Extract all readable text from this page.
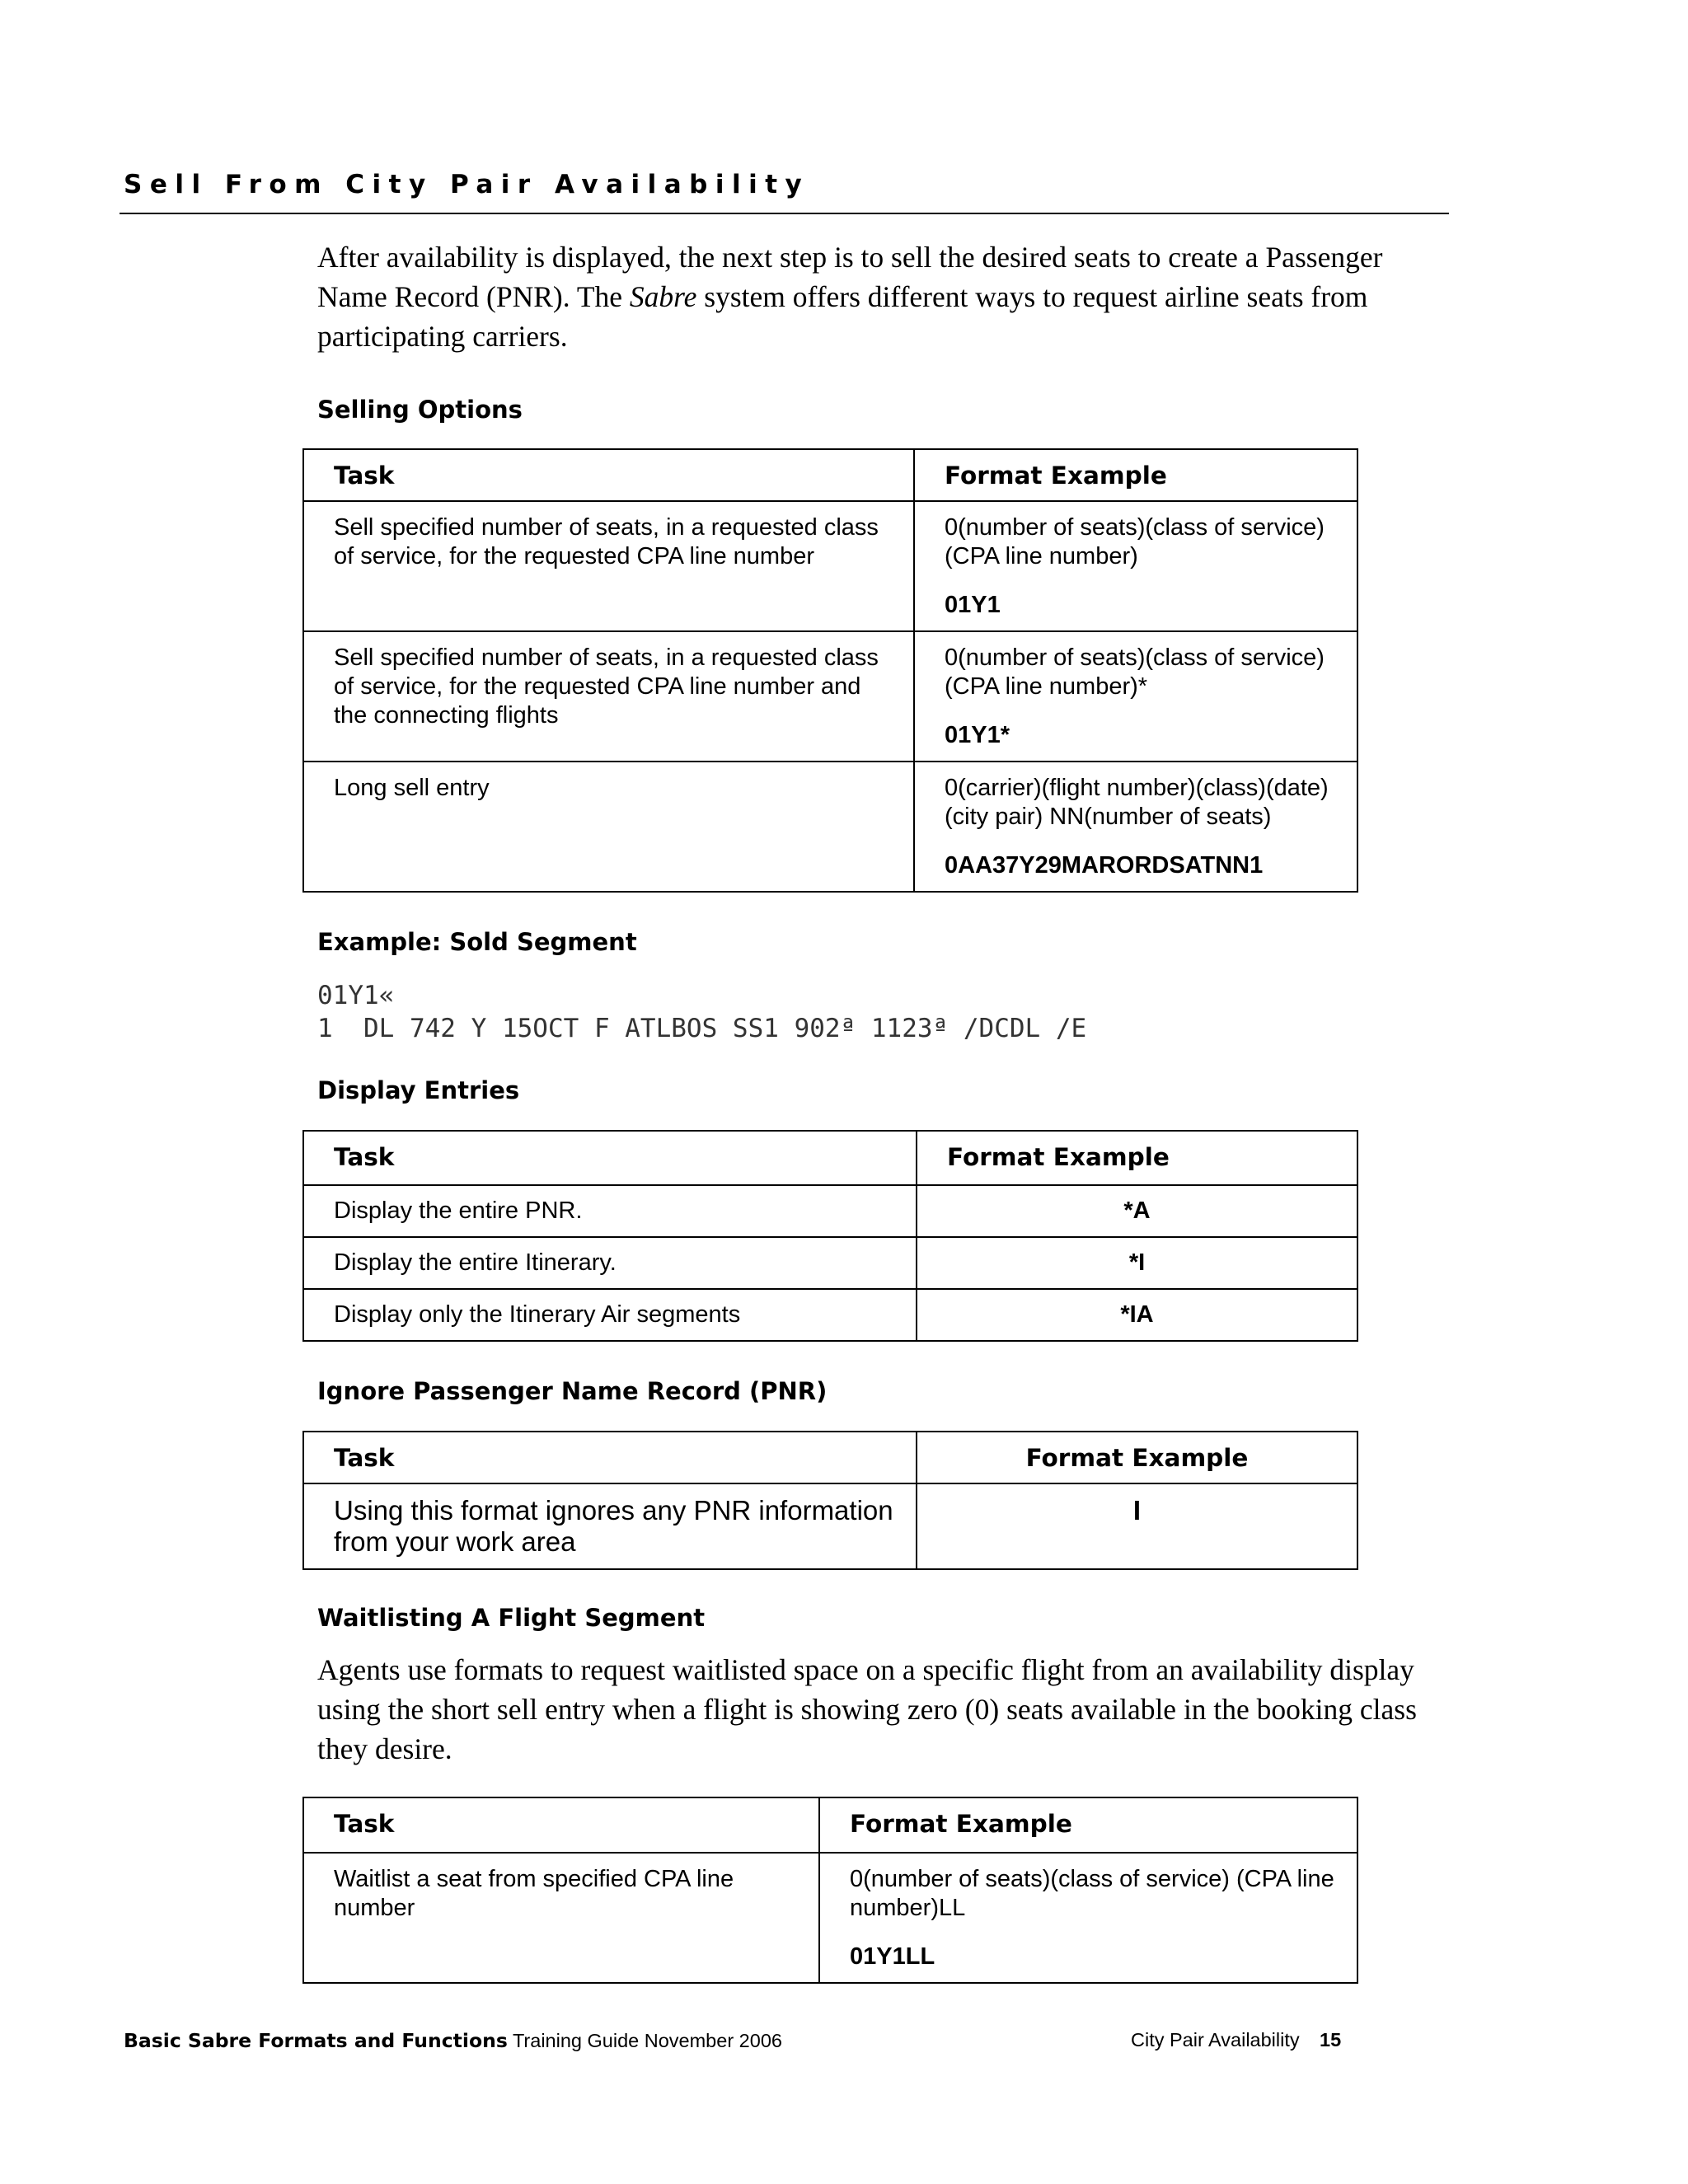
Sell From City Pair Availability

After availability is displayed, the next step is to sell the desired seats to create a Passenger Name Record (PNR). The Sabre system offers different ways to request airline seats from participating carriers.

Selling Options
Task	Format Example

Sell specified number of seats, in a requested class of service, for the requested CPA line number	0(number of seats)(class of service)(CPA line number)
01Y1

Sell specified number of seats, in a requested class of service, for the requested CPA line number and the connecting flights	0(number of seats)(class of service)(CPA line number)*
01Y1*

Long sell entry	0(carrier)(flight number)(class)(date) (city pair) NN(number of seats)
0AA37Y29MARORDSATNN1
Example: Sold Segment

01Y1«

1  DL 742 Y 15OCT F ATLBOS SS1 902ª 1123ª /DCDL /E

Display Entries
Task	Format Example

Display the entire PNR.	*A

Display the entire Itinerary.	*I

Display only the Itinerary Air segments	*IA
Ignore Passenger Name Record (PNR)
Task	Format Example

Using this format ignores any PNR information from your work area	I
Waitlisting A Flight Segment

Agents use formats to request waitlisted space on a specific flight from an availability display using the short sell entry when a flight is showing zero (0) seats available in the booking class they desire.

Task	Format Example

Waitlist a seat from specified CPA line number	0(number of seats)(class of service) (CPA line number)LL
01Y1LL
Basic Sabre Formats and Functions Training Guide November 2006	City Pair Availability 15
